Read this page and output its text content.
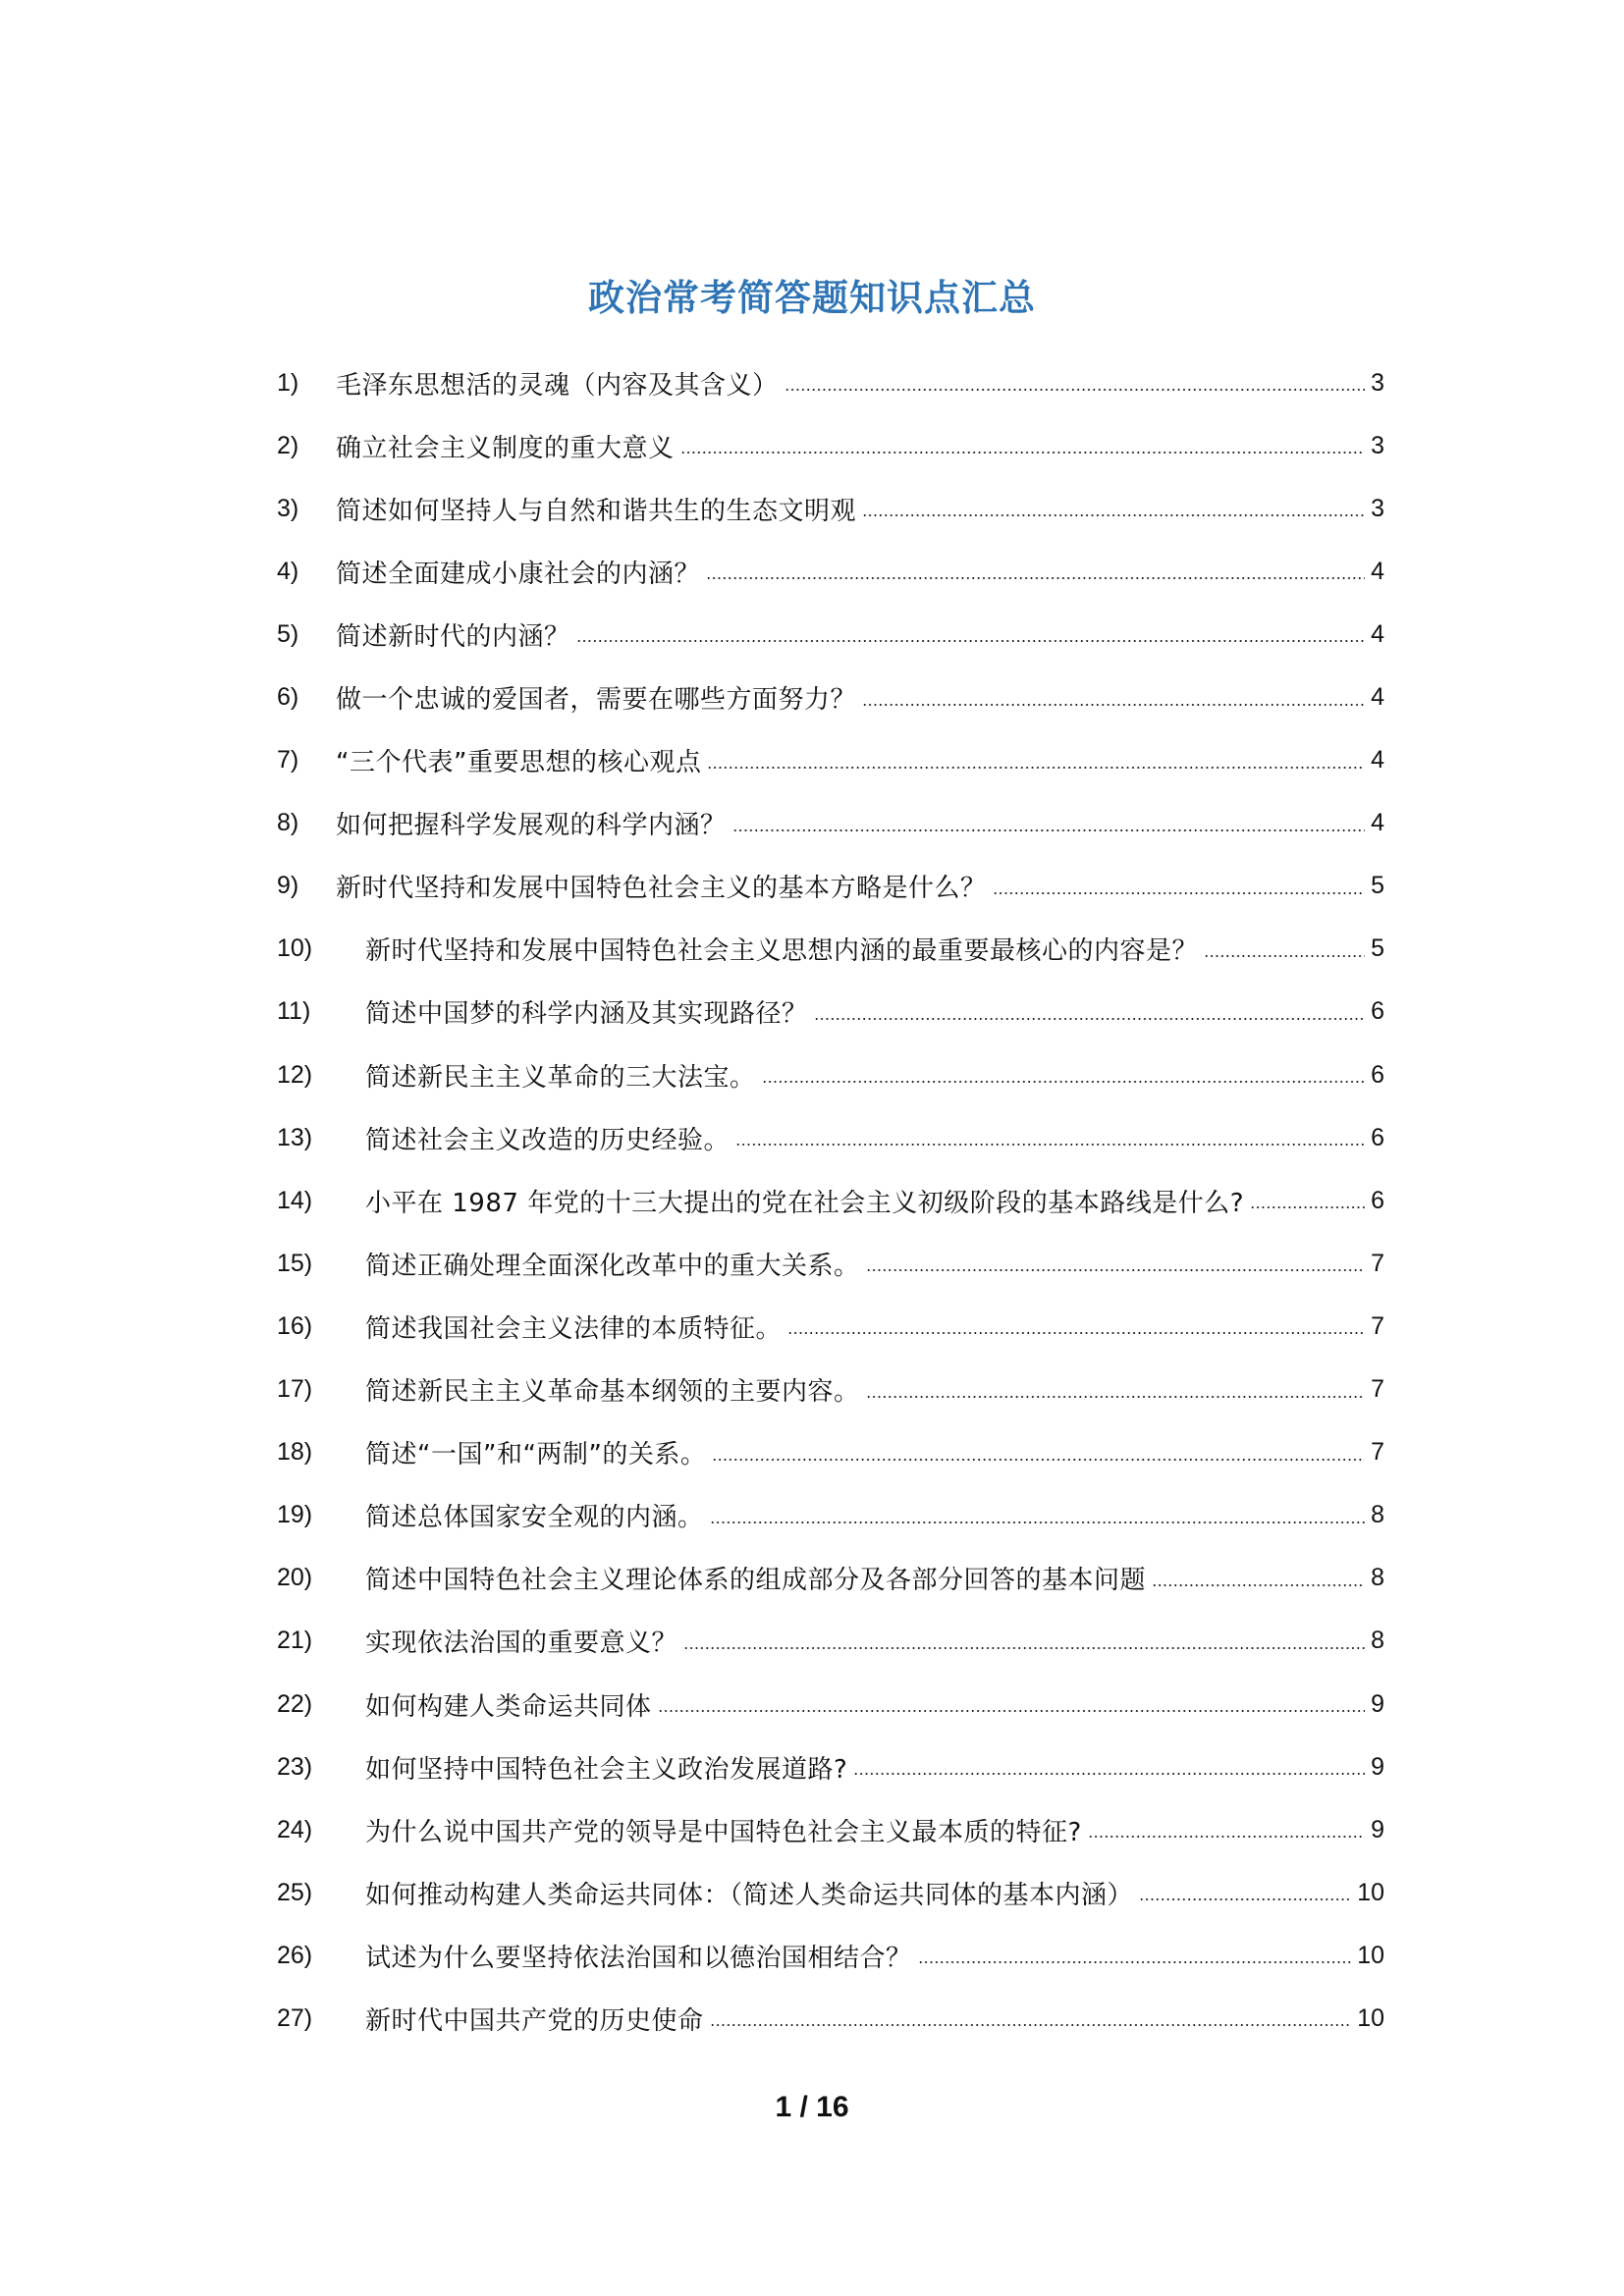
政治常考简答题知识点汇总
1)	毛泽东思想活的灵魂（内容及其含义）	3
2)	确立社会主义制度的重大意义	3
3)	简述如何坚持人与自然和谐共生的生态文明观	3
4)	简述全面建成小康社会的内涵？	4
5)	简述新时代的内涵？	4
6)	做一个忠诚的爱国者，需要在哪些方面努力？	4
7)	“三个代表”重要思想的核心观点	4
8)	如何把握科学发展观的科学内涵？	4
9)	新时代坚持和发展中国特色社会主义的基本方略是什么？	5
10)	新时代坚持和发展中国特色社会主义思想内涵的最重要最核心的内容是？	5
11)	简述中国梦的科学内涵及其实现路径？	6
12)	简述新民主主义革命的三大法宝。	6
13)	简述社会主义改造的历史经验。	6
14)	小平在 1987 年党的十三大提出的党在社会主义初级阶段的基本路线是什么?	6
15)	简述正确处理全面深化改革中的重大关系。	7
16)	简述我国社会主义法律的本质特征。	7
17)	简述新民主主义革命基本纲领的主要内容。	7
18)	简述“一国”和“两制”的关系。	7
19)	简述总体国家安全观的内涵。	8
20)	简述中国特色社会主义理论体系的组成部分及各部分回答的基本问题	8
21)	实现依法治国的重要意义？	8
22)	如何构建人类命运共同体	9
23)	如何坚持中国特色社会主义政治发展道路?	9
24)	为什么说中国共产党的领导是中国特色社会主义最本质的特征?	9
25)	如何推动构建人类命运共同体：（简述人类命运共同体的基本内涵）	10
26)	试述为什么要坚持依法治国和以德治国相结合？	10
27)	新时代中国共产党的历史使命	10
1 / 16
